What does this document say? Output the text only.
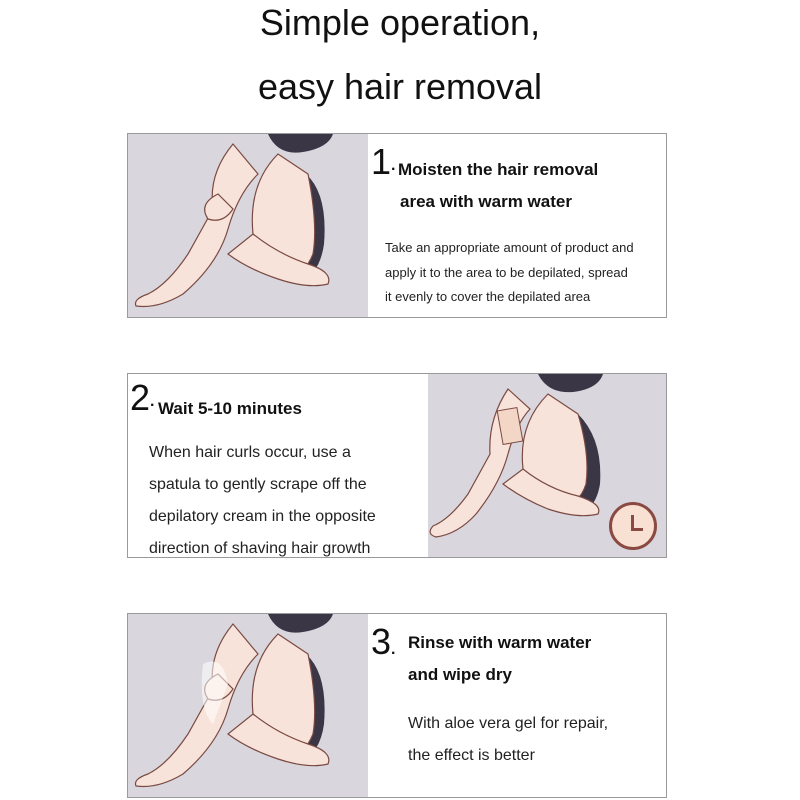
Simple operation,
easy hair removal
1· Moisten the hair removal
area with warm water
Take an appropriate amount of product and
apply it to the area to be depilated, spread
it evenly to cover the depilated area
2· Wait 5-10 minutes
When hair curls occur, use a
spatula to gently scrape off the
depilatory cream in the opposite
direction of shaving hair growth
3. Rinse with warm water
and wipe dry
With aloe vera gel for repair,
the effect is better
